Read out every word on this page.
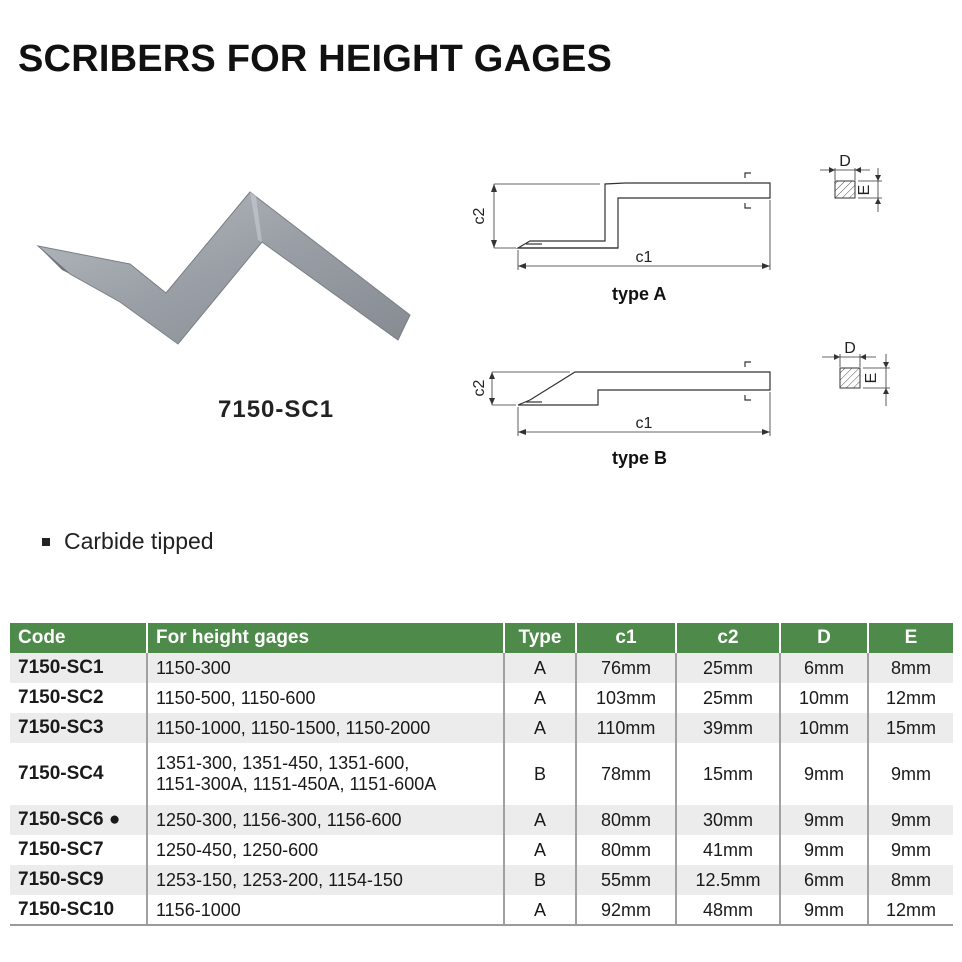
SCRIBERS FOR HEIGHT GAGES
7150-SC1
c2
c1
type A
D
E
c2
c1
type B
D
E
Carbide tipped
Code	For height gages	Type	c1	c2	D	E
7150-SC1	1150-300	A	76mm	25mm	6mm	8mm
7150-SC2	1150-500, 1150-600	A	103mm	25mm	10mm	12mm
7150-SC3	1150-1000, 1150-1500, 1150-2000	A	110mm	39mm	10mm	15mm
7150-SC4	1351-300, 1351-450, 1351-600,
1151-300A, 1151-450A, 1151-600A	B	78mm	15mm	9mm	9mm
7150-SC6 ●	1250-300, 1156-300, 1156-600	A	80mm	30mm	9mm	9mm
7150-SC7	1250-450, 1250-600	A	80mm	41mm	9mm	9mm
7150-SC9	1253-150, 1253-200, 1154-150	B	55mm	12.5mm	6mm	8mm
7150-SC10	1156-1000	A	92mm	48mm	9mm	12mm
